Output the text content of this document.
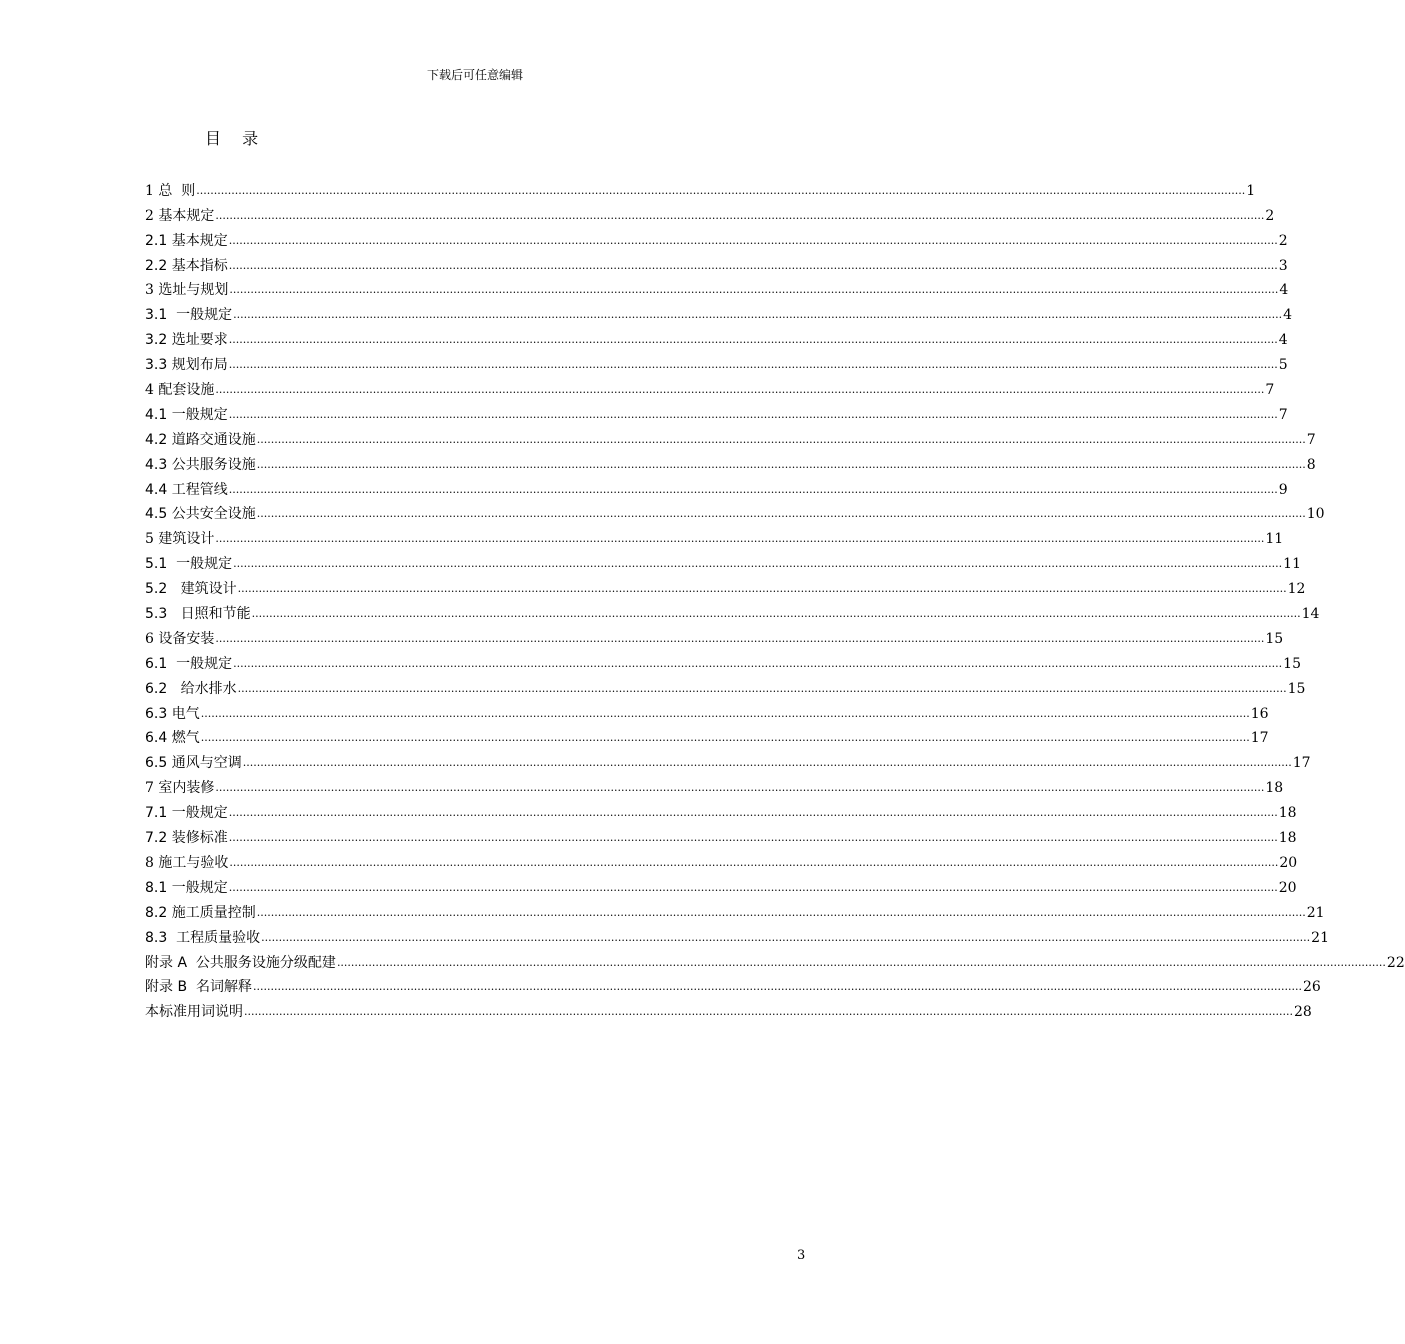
下载后可任意编辑
目 录
1 总  则 ............................................................................................................................................................................................................................................................................................................ 1
2 基本规定 ............................................................................................................................................................................................................................................................................................................ 2
2.1 基本规定 ............................................................................................................................................................................................................................................................................................................ 2
2.2 基本指标 ............................................................................................................................................................................................................................................................................................................ 3
3 选址与规划 ............................................................................................................................................................................................................................................................................................................ 4
3.1  一般规定 ............................................................................................................................................................................................................................................................................................................ 4
3.2 选址要求 ............................................................................................................................................................................................................................................................................................................ 4
3.3 规划布局 ............................................................................................................................................................................................................................................................................................................ 5
4 配套设施 ............................................................................................................................................................................................................................................................................................................ 7
4.1 一般规定 ............................................................................................................................................................................................................................................................................................................ 7
4.2 道路交通设施 ............................................................................................................................................................................................................................................................................................................ 7
4.3 公共服务设施 ............................................................................................................................................................................................................................................................................................................ 8
4.4 工程管线 ............................................................................................................................................................................................................................................................................................................ 9
4.5 公共安全设施 ............................................................................................................................................................................................................................................................................................................ 10
5 建筑设计 ............................................................................................................................................................................................................................................................................................................ 11
5.1  一般规定 ............................................................................................................................................................................................................................................................................................................ 11
5.2   建筑设计 ............................................................................................................................................................................................................................................................................................................ 12
5.3   日照和节能 ............................................................................................................................................................................................................................................................................................................ 14
6 设备安装 ............................................................................................................................................................................................................................................................................................................ 15
6.1  一般规定 ............................................................................................................................................................................................................................................................................................................ 15
6.2   给水排水 ............................................................................................................................................................................................................................................................................................................ 15
6.3 电气 ............................................................................................................................................................................................................................................................................................................ 16
6.4 燃气 ............................................................................................................................................................................................................................................................................................................ 17
6.5 通风与空调 ............................................................................................................................................................................................................................................................................................................ 17
7 室内装修 ............................................................................................................................................................................................................................................................................................................ 18
7.1 一般规定 ............................................................................................................................................................................................................................................................................................................ 18
7.2 装修标准 ............................................................................................................................................................................................................................................................................................................ 18
8 施工与验收 ............................................................................................................................................................................................................................................................................................................ 20
8.1 一般规定 ............................................................................................................................................................................................................................................................................................................ 20
8.2 施工质量控制 ............................................................................................................................................................................................................................................................................................................ 21
8.3  工程质量验收 ............................................................................................................................................................................................................................................................................................................ 21
附录 A  公共服务设施分级配建 ............................................................................................................................................................................................................................................................................................................ 22
附录 B  名词解释 ............................................................................................................................................................................................................................................................................................................ 26
本标准用词说明 ............................................................................................................................................................................................................................................................................................................ 28
3
